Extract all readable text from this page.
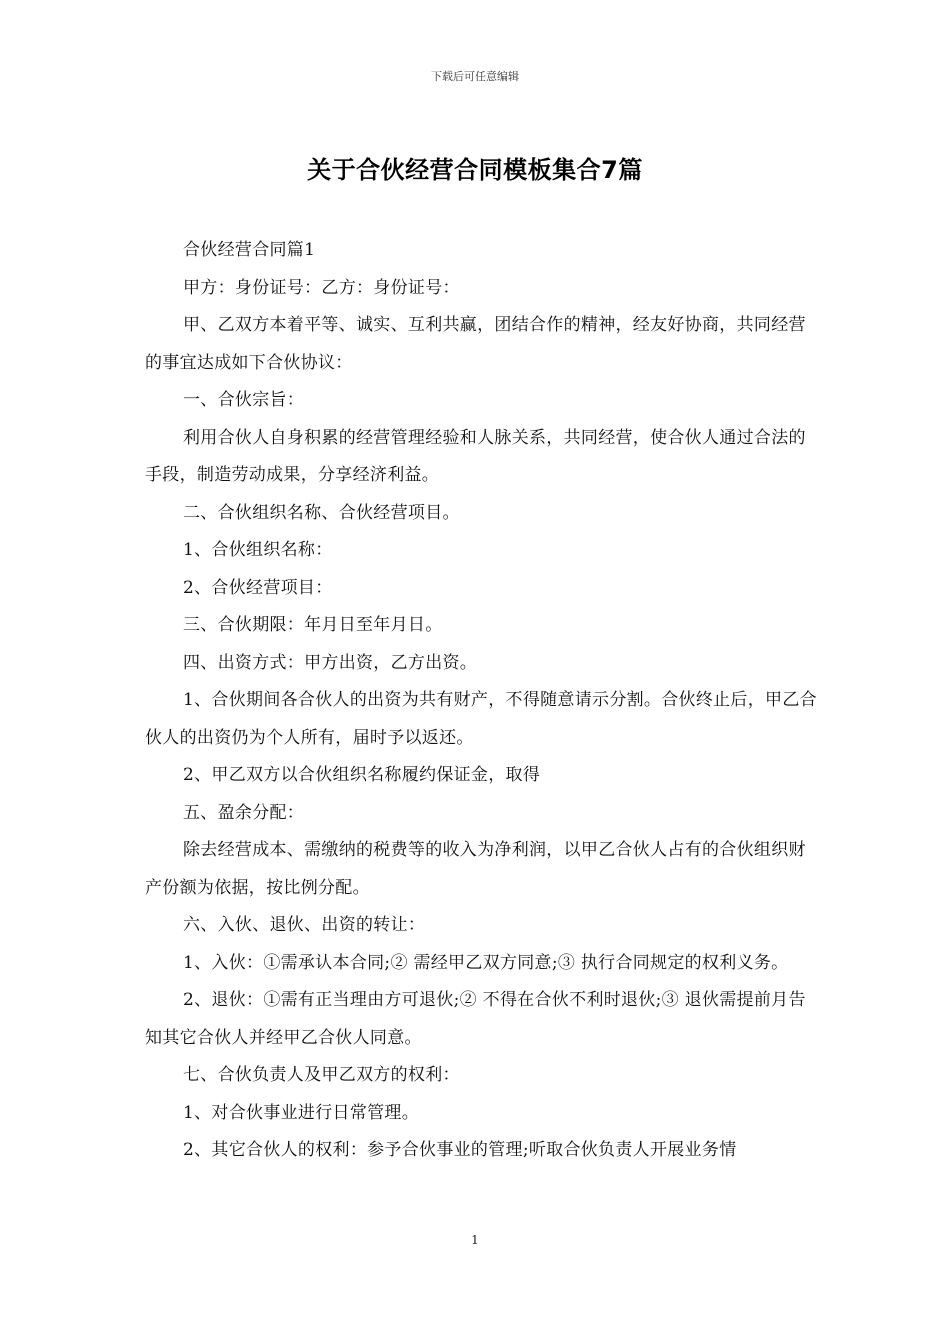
下载后可任意编辑
关于合伙经营合同模板集合7篇

合伙经营合同篇1

甲方：身份证号：乙方：身份证号：

甲、乙双方本着平等、诚实、互利共赢，团结合作的精神，经友好协商，共同经营的事宜达成如下合伙协议：

一、合伙宗旨：

利用合伙人自身积累的经营管理经验和人脉关系，共同经营，使合伙人通过合法的手段，制造劳动成果，分享经济利益。

二、合伙组织名称、合伙经营项目。

1、合伙组织名称：

2、合伙经营项目：

三、合伙期限：年月日至年月日。

四、出资方式：甲方出资，乙方出资。

1、合伙期间各合伙人的出资为共有财产，不得随意请示分割。合伙终止后，甲乙合伙人的出资仍为个人所有，届时予以返还。

2、甲乙双方以合伙组织名称履约保证金，取得

五、盈余分配：

除去经营成本、需缴纳的税费等的收入为净利润，以甲乙合伙人占有的合伙组织财产份额为依据，按比例分配。

六、入伙、退伙、出资的转让：

1、入伙：①需承认本合同;② 需经甲乙双方同意;③ 执行合同规定的权利义务。

2、退伙：①需有正当理由方可退伙;② 不得在合伙不利时退伙;③ 退伙需提前月告知其它合伙人并经甲乙合伙人同意。

七、合伙负责人及甲乙双方的权利：

1、对合伙事业进行日常管理。

2、其它合伙人的权利：参予合伙事业的管理;听取合伙负责人开展业务情

1
